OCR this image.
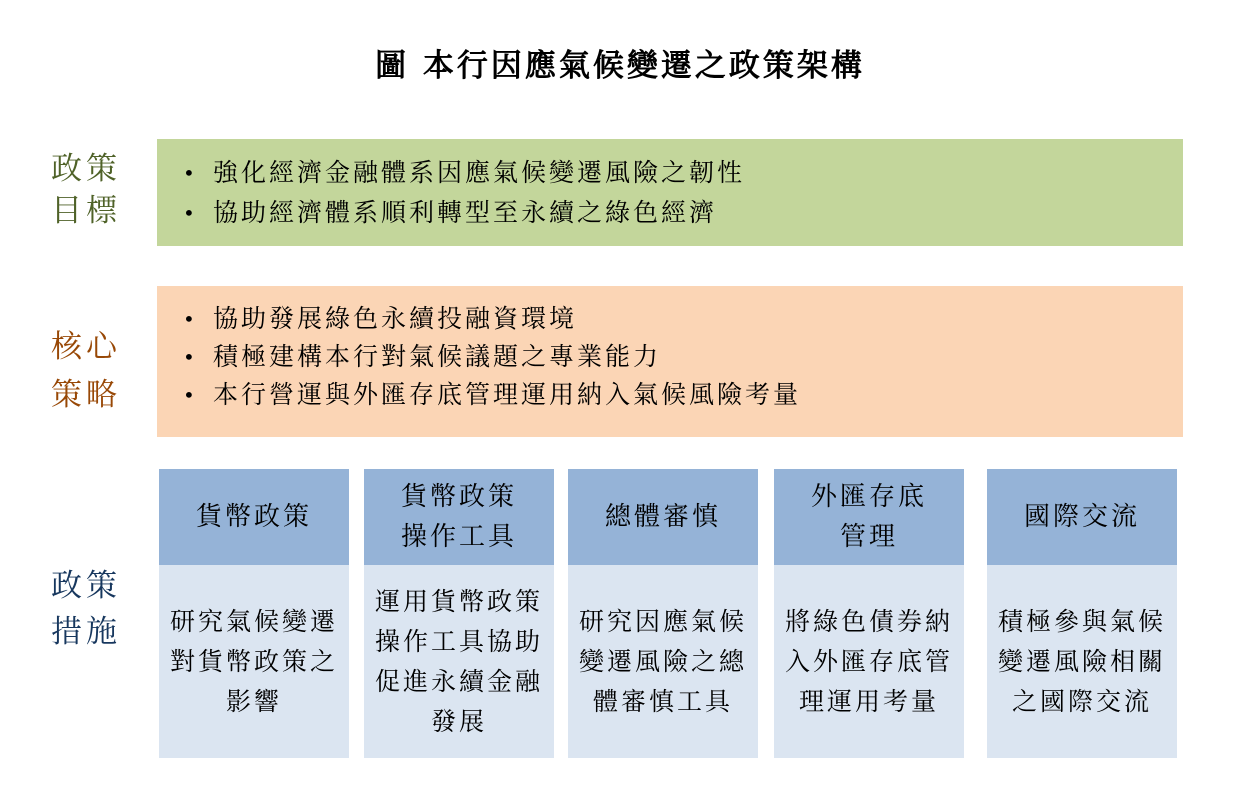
圖 本行因應氣候變遷之政策架構
政策
目標
• 強化經濟金融體系因應氣候變遷風險之韌性
• 協助經濟體系順利轉型至永續之綠色經濟
核心
策略
• 協助發展綠色永續投融資環境
• 積極建構本行對氣候議題之專業能力
• 本行營運與外匯存底管理運用納入氣候風險考量
政策
措施
貨幣政策
研究氣候變遷
對貨幣政策之
影響
貨幣政策
操作工具
運用貨幣政策
操作工具協助
促進永續金融
發展
總體審慎
研究因應氣候
變遷風險之總
體審慎工具
外匯存底
管理
將綠色債券納
入外匯存底管
理運用考量
國際交流
積極參與氣候
變遷風險相關
之國際交流
